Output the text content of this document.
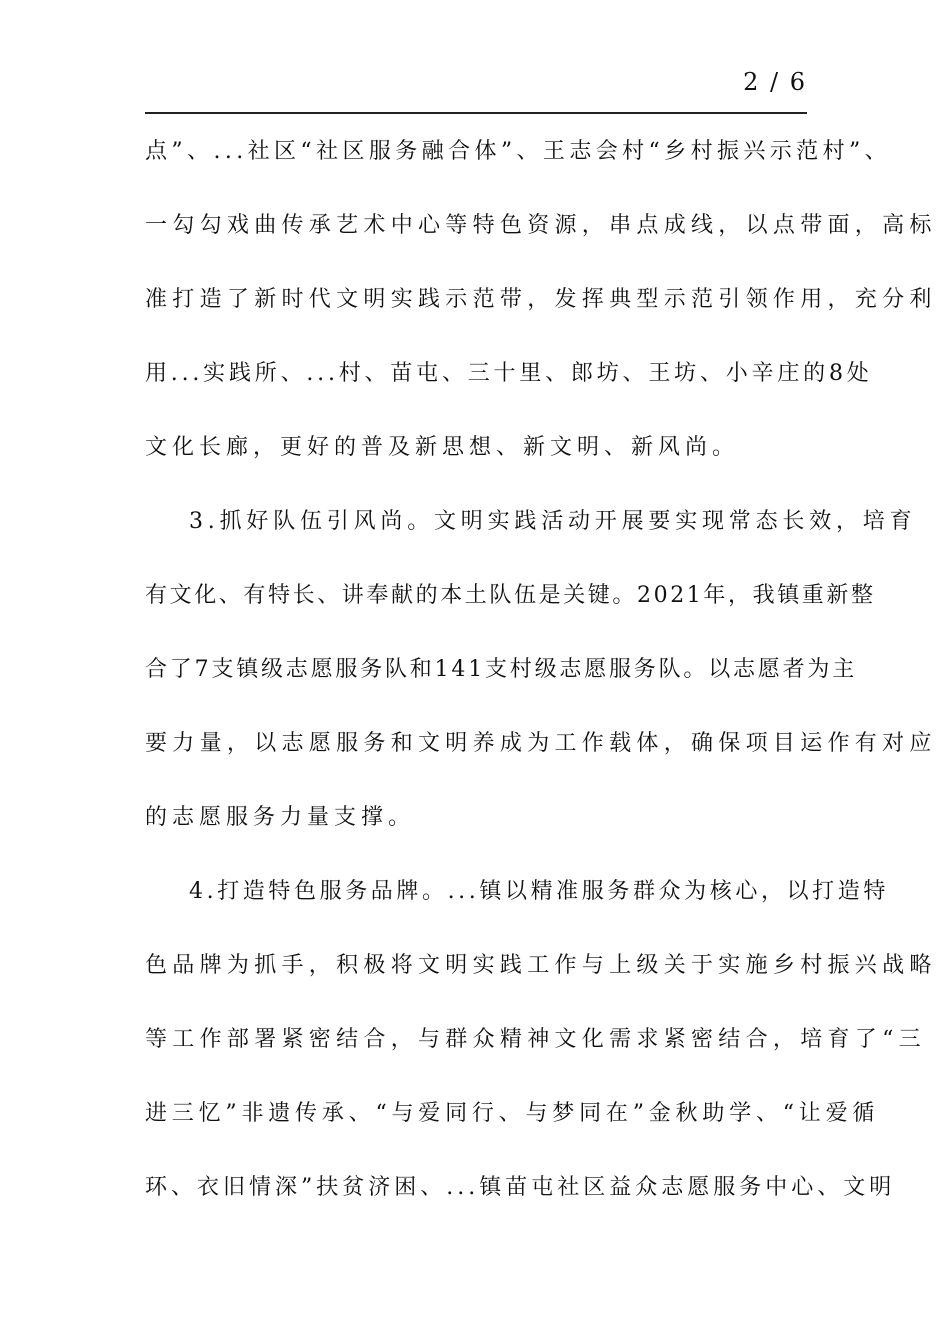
2 / 6
点”、...社区“社区服务融合体”、王志会村“乡村振兴示范村”、
一勾勾戏曲传承艺术中心等特色资源，串点成线，以点带面，高标
准打造了新时代文明实践示范带，发挥典型示范引领作用，充分利
用...实践所、...村、苗屯、三十里、郎坊、王坊、小辛庄的8处
文化长廊，更好的普及新思想、新文明、新风尚。
3.抓好队伍引风尚。文明实践活动开展要实现常态长效，培育
有文化、有特长、讲奉献的本土队伍是关键。2021年，我镇重新整
合了7支镇级志愿服务队和141支村级志愿服务队。以志愿者为主
要力量，以志愿服务和文明养成为工作载体，确保项目运作有对应
的志愿服务力量支撑。
4.打造特色服务品牌。...镇以精准服务群众为核心，以打造特
色品牌为抓手，积极将文明实践工作与上级关于实施乡村振兴战略
等工作部署紧密结合，与群众精神文化需求紧密结合，培育了“三
进三忆”非遗传承、“与爱同行、与梦同在”金秋助学、“让爱循
环、衣旧情深”扶贫济困、...镇苗屯社区益众志愿服务中心、文明
